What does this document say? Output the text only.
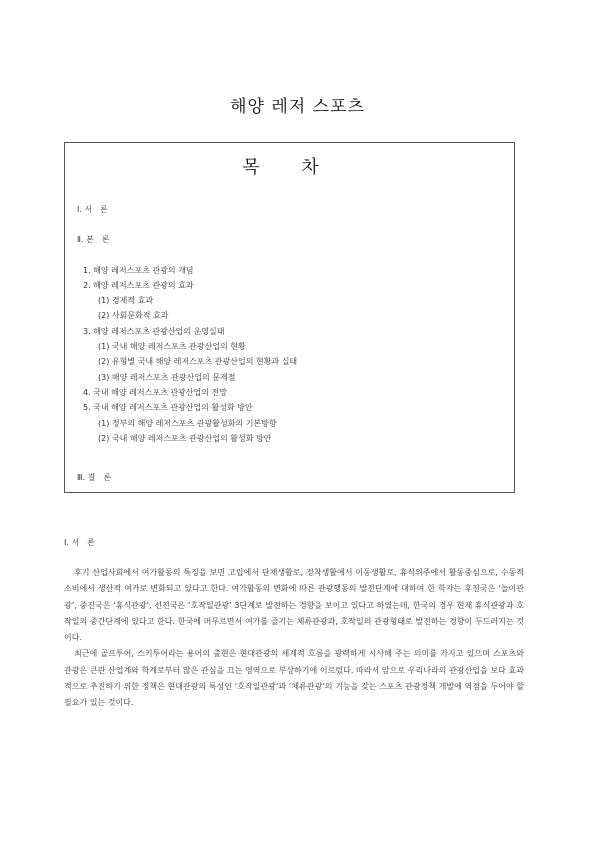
해양 레저 스포츠
목 차
Ⅰ. 서　론
Ⅱ. 본　론
1. 해양 레저스포츠 관광의 개념
2. 해양 레저스포츠 관광의 효과
(1) 경제적 효과
(2) 사회문화적 효과
3. 해양 레저스포츠 관광산업의 운영실태
(1) 국내 해양 레저스포츠 관광산업의 현황
(2) 유형별 국내 해양 레저스포츠 관광산업의 현황과 실태
(3) 해양 레저스포츠 관광산업의 문제점
4. 국내 해양 레저스포츠 관광산업의 전망
5. 국내 해양 레저스포츠 관광산업의 활성화 방안
(1) 정부의 해양 레저스포츠 관광활성화의 기본방향
(2) 국내 해양 레저스포츠 관광산업의 활성화 방안
Ⅲ. 결　론
Ⅰ. 서　론

후기 산업사회에서 여가활동의 특징을 보면 고립에서 단체생활로, 정착생활에서 이동생활로, 휴식위주에서 활동중심으로, 수동적 소비에서 생산적 여가로 변화되고 있다고 한다. 여가활동의 변화에 따른 관광행동의 발전단계에 대하여 한 학자는 후진국은 ‘놀이관광’, 중진국은 ‘휴식관광’, 선진국은 ‘호작일관광’ 3단계로 발전하는 경향을 보이고 있다고 하였는데, 한국의 경우 현재 휴식관광과 호작일의 중간단계에 있다고 한다. 한국에 머무르면서 여가를 즐기는 체류관광과, 호작일의 관광형태로 발전하는 경향이 두드러지는 것이다.

최근에 골프투어, 스키투어라는 용어의 출현은 현대관광의 세계적 흐름을 광력하게 시사해 주는 의미를 가지고 있으며 스포츠와 관광은 큰관 산업계와 학계로부터 많은 관심을 끄는 영역으로 부상하기에 이르렀다. 따라서 앞으로 우리나라의 관광산업을 보다 효과적으로 추진하기 위한 정책은 현대관광의 특성인 ‘호작일관광’과 ‘체류관광’의 기능을 갖는 스포츠 관광정책 개발에 역점을 두어야 할 필요가 있는 것이다.
